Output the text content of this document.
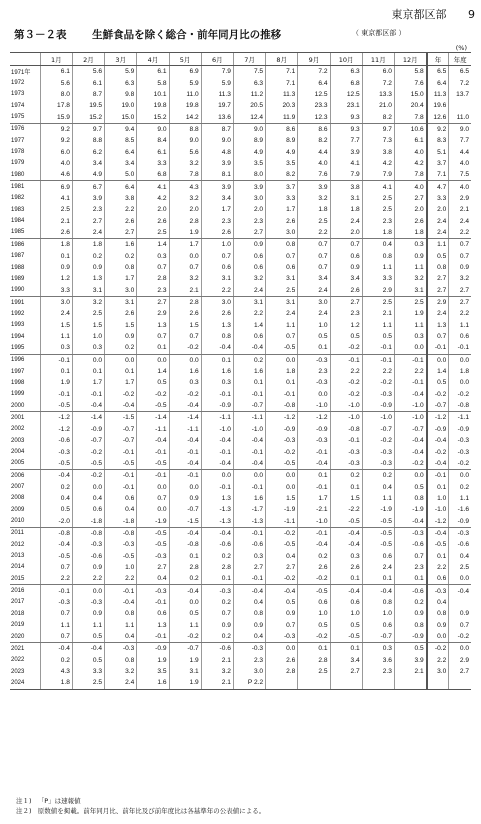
東京都区部 9
第３－２表 生鮮食品を除く総合・前年同月比の推移	（ 東京都区部 ）
(%)
	1月	2月	3月	4月	5月	6月	7月	8月	9月	10月	11月	12月	年	年度
1971年	6.1	5.6	5.9	6.1	6.9	7.9	7.5	7.1	7.2	6.3	6.0	5.8	6.5	6.5
1972	5.6	6.1	6.3	5.8	5.9	5.9	6.3	7.1	6.4	6.8	7.2	7.6	6.4	7.2
1973	8.0	8.7	9.8	10.1	11.0	11.3	11.2	11.3	12.5	12.5	13.3	15.0	11.3	13.7
1974	17.8	19.5	19.0	19.8	19.8	19.7	20.5	20.3	23.3	23.1	21.0	20.4	19.6	
1975	15.9	15.2	15.0	15.2	14.2	13.6	12.4	11.9	12.3	9.3	8.2	7.8	12.6	11.0
1976	9.2	9.7	9.4	9.0	8.8	8.7	9.0	8.6	8.6	9.3	9.7	10.6	9.2	9.0
1977	9.2	8.8	8.5	8.4	9.0	9.0	8.9	8.9	8.2	7.7	7.3	6.1	8.3	7.7
1978	6.0	6.2	6.4	6.1	5.6	4.8	4.9	4.9	4.4	3.9	3.8	4.0	5.1	4.4
1979	4.0	3.4	3.4	3.3	3.2	3.9	3.5	3.5	4.0	4.1	4.2	4.2	3.7	4.0
1980	4.6	4.9	5.0	6.8	7.8	8.1	8.0	8.2	7.6	7.9	7.9	7.8	7.1	7.5
1981	6.9	6.7	6.4	4.1	4.3	3.9	3.9	3.7	3.9	3.8	4.1	4.0	4.7	4.0
1982	4.1	3.9	3.8	4.2	3.2	3.4	3.0	3.3	3.2	3.1	2.5	2.7	3.3	2.9
1983	2.5	2.3	2.2	2.0	2.0	1.7	2.0	1.7	1.8	1.8	2.5	2.0	2.0	2.1
1984	2.1	2.7	2.6	2.6	2.8	2.3	2.3	2.6	2.5	2.4	2.3	2.6	2.4	2.4
1985	2.6	2.4	2.7	2.5	1.9	2.6	2.7	3.0	2.2	2.0	1.8	1.8	2.4	2.2
1986	1.8	1.8	1.6	1.4	1.7	1.0	0.9	0.8	0.7	0.7	0.4	0.3	1.1	0.7
1987	0.1	0.2	0.2	0.3	0.0	0.7	0.6	0.7	0.7	0.6	0.8	0.9	0.5	0.7
1988	0.9	0.9	0.8	0.7	0.7	0.6	0.6	0.6	0.7	0.9	1.1	1.1	0.8	0.9
1989	1.2	1.3	1.7	2.8	3.2	3.1	3.2	3.1	3.4	3.4	3.3	3.2	2.7	3.2
1990	3.3	3.1	3.0	2.3	2.1	2.2	2.4	2.5	2.4	2.6	2.9	3.1	2.7	2.7
1991	3.0	3.2	3.1	2.7	2.8	3.0	3.1	3.1	3.0	2.7	2.5	2.5	2.9	2.7
1992	2.4	2.5	2.6	2.9	2.6	2.6	2.2	2.4	2.4	2.3	2.1	1.9	2.4	2.2
1993	1.5	1.5	1.5	1.3	1.5	1.3	1.4	1.1	1.0	1.2	1.1	1.1	1.3	1.1
1994	1.1	1.0	0.9	0.7	0.7	0.8	0.6	0.7	0.5	0.5	0.5	0.3	0.7	0.6
1995	0.3	0.3	0.2	0.1	-0.2	-0.4	-0.4	-0.5	0.1	-0.2	-0.1	0.0	-0.1	-0.1
1996	-0.1	0.0	0.0	0.0	0.0	0.1	0.2	0.0	-0.3	-0.1	-0.1	-0.1	0.0	0.0
1997	0.1	0.1	0.1	1.4	1.6	1.6	1.6	1.8	2.3	2.2	2.2	2.2	1.4	1.8
1998	1.9	1.7	1.7	0.5	0.3	0.3	0.1	0.1	-0.3	-0.2	-0.2	-0.1	0.5	0.0
1999	-0.1	-0.1	-0.2	-0.2	-0.2	-0.1	-0.1	-0.1	0.0	-0.2	-0.3	-0.4	-0.2	-0.2
2000	-0.5	-0.4	-0.4	-0.5	-0.4	-0.9	-0.7	-0.8	-1.0	-1.0	-0.9	-1.0	-0.7	-0.8
2001	-1.2	-1.4	-1.5	-1.4	-1.4	-1.1	-1.1	-1.2	-1.2	-1.0	-1.0	-1.0	-1.2	-1.1
2002	-1.2	-0.9	-0.7	-1.1	-1.1	-1.0	-1.0	-0.9	-0.9	-0.8	-0.7	-0.7	-0.9	-0.9
2003	-0.6	-0.7	-0.7	-0.4	-0.4	-0.4	-0.4	-0.3	-0.3	-0.1	-0.2	-0.4	-0.4	-0.3
2004	-0.3	-0.2	-0.1	-0.1	-0.1	-0.1	-0.1	-0.2	-0.1	-0.3	-0.3	-0.4	-0.2	-0.3
2005	-0.5	-0.5	-0.5	-0.5	-0.4	-0.4	-0.4	-0.5	-0.4	-0.3	-0.3	-0.2	-0.4	-0.2
2006	-0.4	-0.2	-0.1	-0.1	-0.1	0.0	0.0	0.0	0.1	0.2	0.2	0.0	-0.1	0.0
2007	0.2	0.0	-0.1	0.0	0.0	-0.1	-0.1	0.0	-0.1	0.1	0.4	0.5	0.1	0.2
2008	0.4	0.4	0.6	0.7	0.9	1.3	1.6	1.5	1.7	1.5	1.1	0.8	1.0	1.1
2009	0.5	0.6	0.4	0.0	-0.7	-1.3	-1.7	-1.9	-2.1	-2.2	-1.9	-1.9	-1.0	-1.6
2010	-2.0	-1.8	-1.8	-1.9	-1.5	-1.3	-1.3	-1.1	-1.0	-0.5	-0.5	-0.4	-1.2	-0.9
2011	-0.8	-0.8	-0.8	-0.5	-0.4	-0.4	-0.1	-0.2	-0.1	-0.4	-0.5	-0.3	-0.4	-0.3
2012	-0.4	-0.3	-0.3	-0.5	-0.8	-0.6	-0.6	-0.5	-0.4	-0.4	-0.5	-0.6	-0.5	-0.6
2013	-0.5	-0.6	-0.5	-0.3	0.1	0.2	0.3	0.4	0.2	0.3	0.6	0.7	0.1	0.4
2014	0.7	0.9	1.0	2.7	2.8	2.8	2.7	2.7	2.6	2.6	2.4	2.3	2.2	2.5
2015	2.2	2.2	2.2	0.4	0.2	0.1	-0.1	-0.2	-0.2	0.1	0.1	0.1	0.6	0.0
2016	-0.1	0.0	-0.1	-0.3	-0.4	-0.3	-0.4	-0.4	-0.5	-0.4	-0.4	-0.6	-0.3	-0.4
2017	-0.3	-0.3	-0.4	-0.1	0.0	0.2	0.4	0.5	0.6	0.6	0.8	0.2	0.4	
2018	0.7	0.9	0.8	0.6	0.5	0.7	0.8	0.9	1.0	1.0	1.0	0.9	0.8	0.9
2019	1.1	1.1	1.1	1.3	1.1	0.9	0.9	0.7	0.5	0.5	0.6	0.8	0.9	0.7
2020	0.7	0.5	0.4	-0.1	-0.2	0.2	0.4	-0.3	-0.2	-0.5	-0.7	-0.9	0.0	-0.2
2021	-0.4	-0.4	-0.3	-0.9	-0.7	-0.6	-0.3	0.0	0.1	0.1	0.3	0.5	-0.2	0.0
2022	0.2	0.5	0.8	1.9	1.9	2.1	2.3	2.6	2.8	3.4	3.6	3.9	2.2	2.9
2023	4.3	3.3	3.2	3.5	3.1	3.2	3.0	2.8	2.5	2.7	2.3	2.1	3.0	2.7
2024	1.8	2.5	2.4	1.6	1.9	2.1	P 2.2							
注１) 「P」は速報値
注２) 原数値を掲載。前年同月比、前年比及び前年度比は各基準年の公表値による。
